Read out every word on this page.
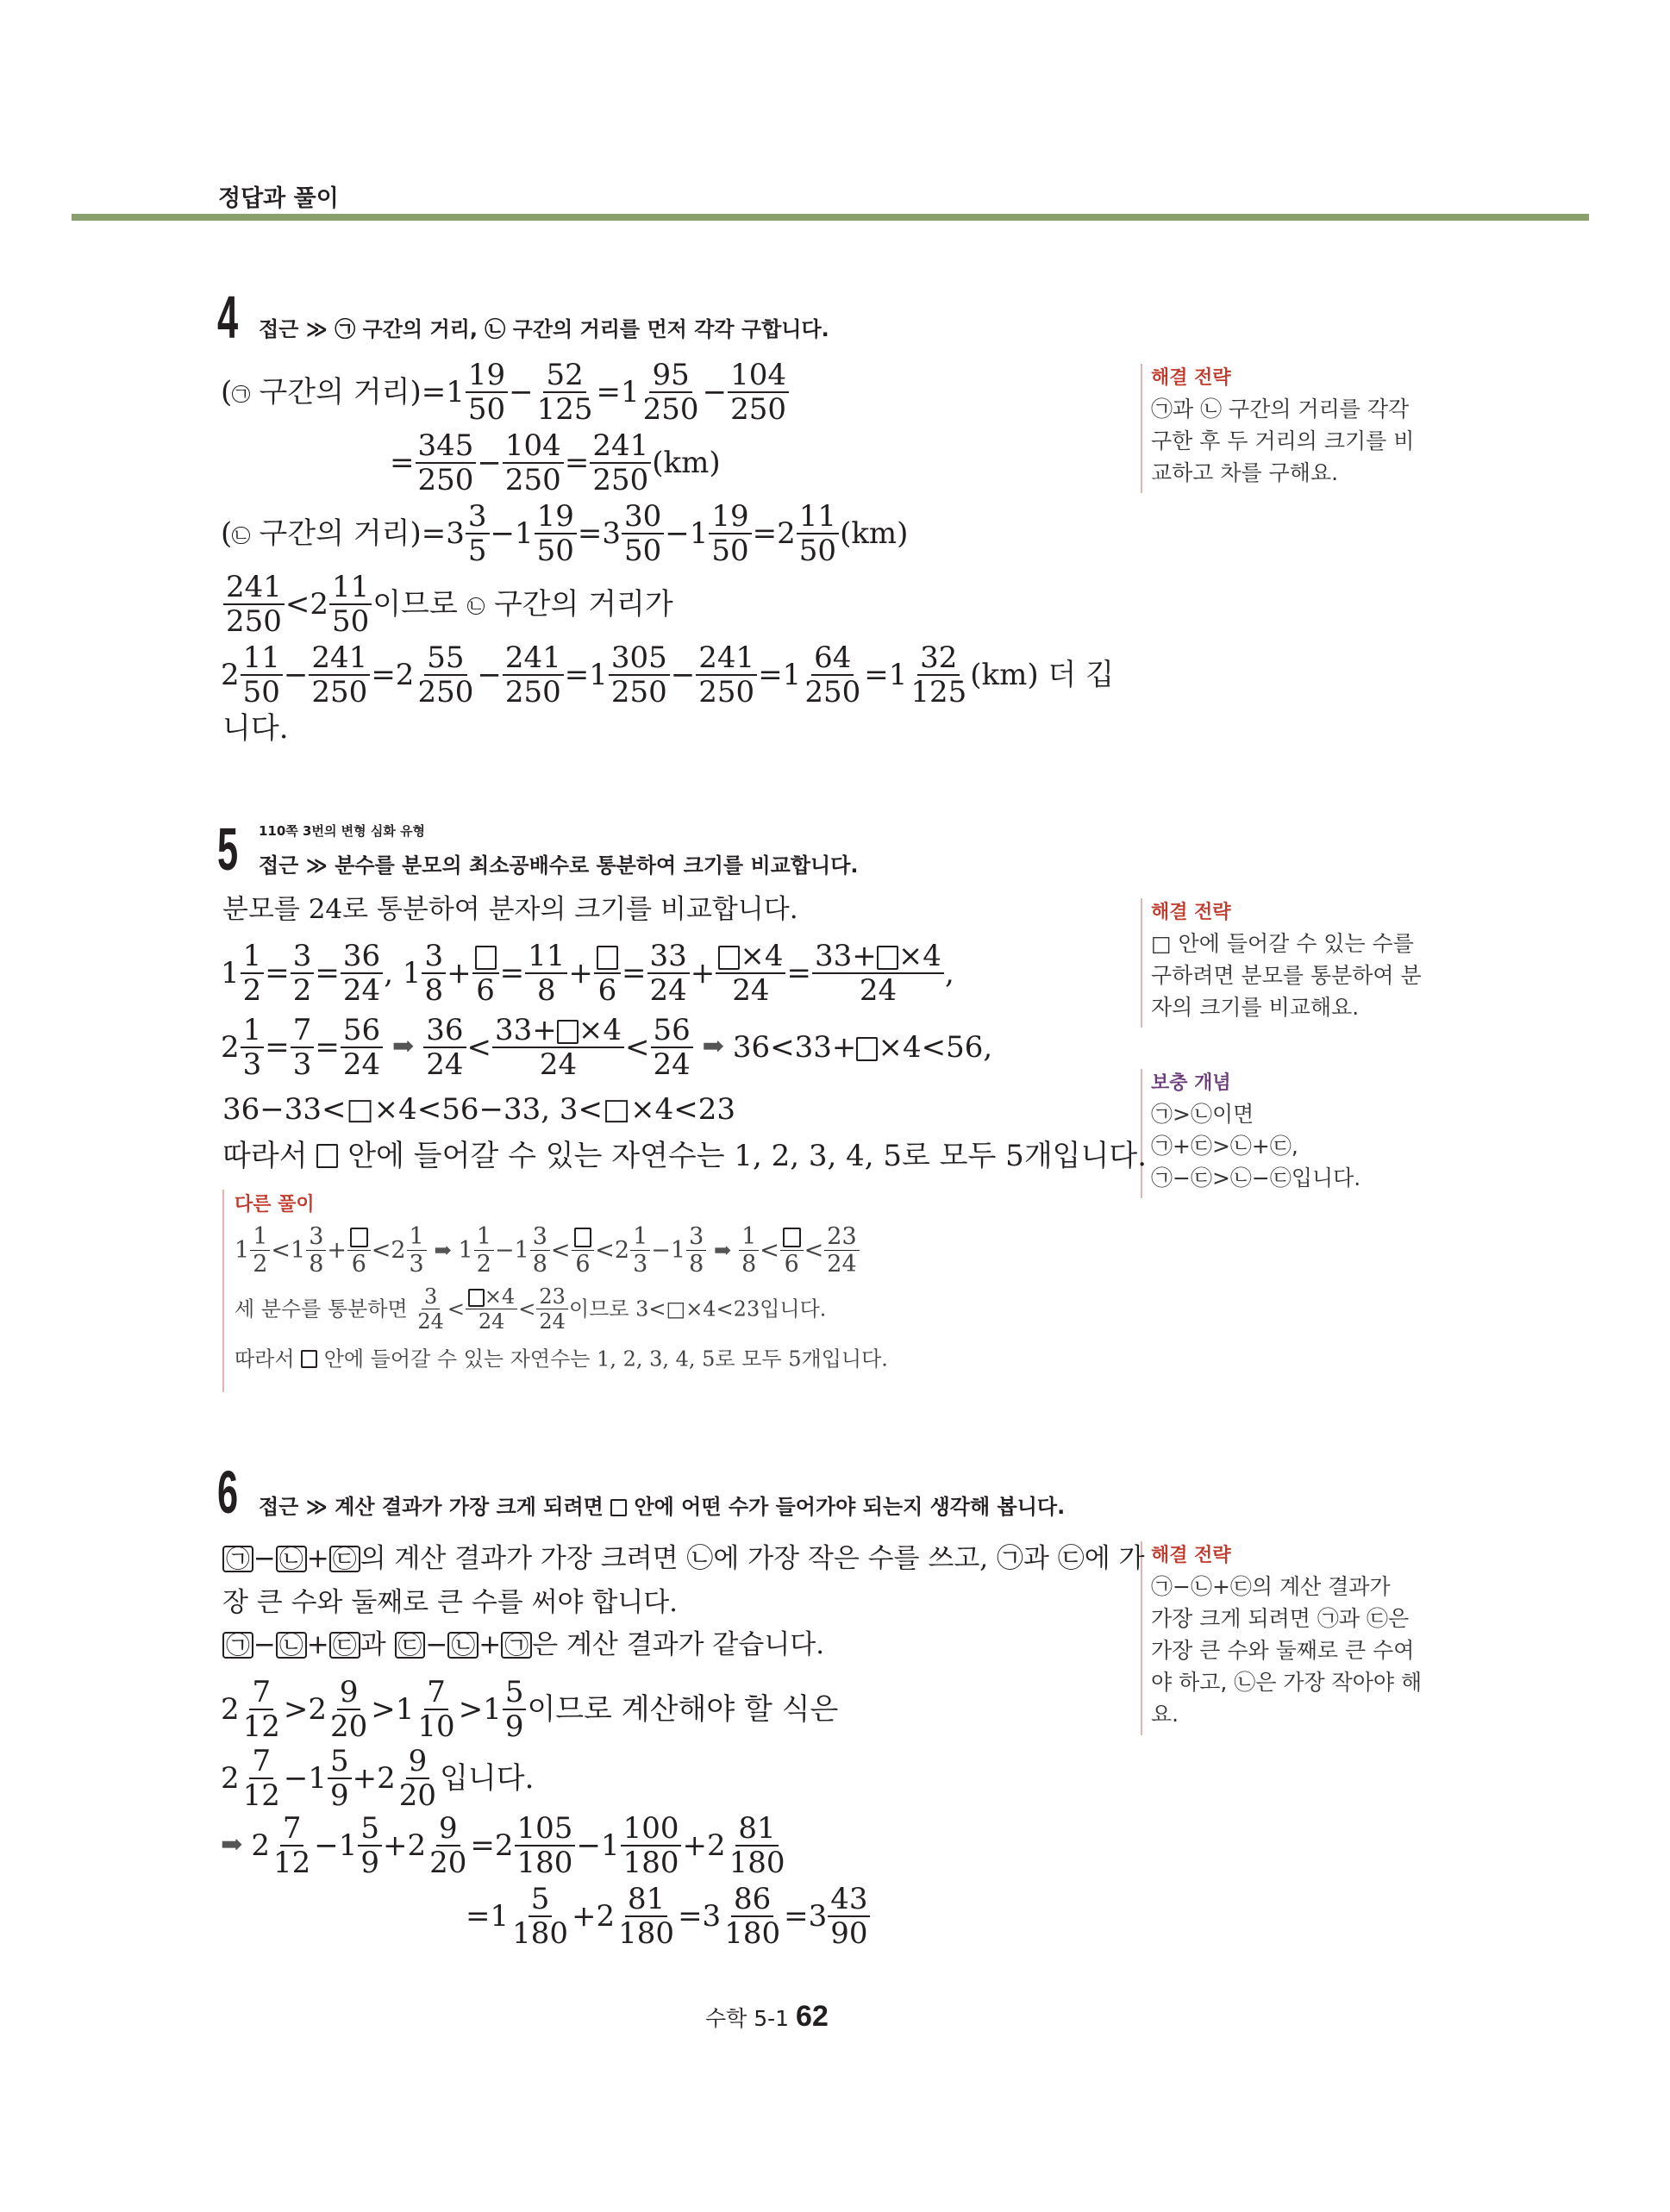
정답과 풀이
4 접근 ≫ ㉠ 구간의 거리, ㉡ 구간의 거리를 먼저 각각 구합니다.
해결 전략
㉠과 ㉡ 구간의 거리를 각각
구한 후 두 거리의 크기를 비
교하고 차를 구해요.
(ㄱ 구간의 거리)$=1 \frac{19}{50} - \frac{52}{125} =1 \frac{95}{250} - \frac{104}{250}$
= $\frac{345}{250} - \frac{104}{250} = \frac{241}{250} (km)$
(ㄴ 구간의 거리)$=3 \frac{3}{5} -1 \frac{19}{50} =3 \frac{30}{50} -1 \frac{19}{50} =2 \frac{11}{50} (km)$
$\frac{241}{250} <2 \frac{11}{50}$ 이므로 ㄴ 구간의 거리가
$2 \frac{11}{50} - \frac{241}{250} =2 \frac{55}{250} - \frac{241}{250} =1 \frac{305}{250} - \frac{241}{250} =1 \frac{64}{250} =1 \frac{32}{125} (km)$ 더 깁
니다.
110쪽 3번의 변형 심화 유형
5 접근 ≫ 분수를 분모의 최소공배수로 통분하여 크기를 비교합니다.
해결 전략
□ 안에 들어갈 수 있는 수를
구하려면 분모를 통분하여 분
자의 크기를 비교해요.
보충 개념
㉠>㉡이면
㉠+㉢>㉡+㉢,
㉠−㉢>㉡−㉢입니다.
분모를 24로 통분하여 분자의 크기를 비교합니다.
$1 \frac{1}{2} = \frac{3}{2} = \frac{36}{24}$ , $1 \frac{3}{8} + 6 = \frac{11}{8} + 6 = \frac{33}{24} + \frac{\times 4}{24} = \frac{33+ \times 4}{24}$ ,
$2 \frac{1}{3} = \frac{7}{3} = \frac{56}{24}$ ➡ $\frac{36}{24} < \frac{33+ \times 4}{24} < \frac{56}{24}$ ➡ 36<33+ ×4<56,
36−33<□×4<56−33, 3<□×4<23
따라서 안에 들어갈 수 있는 자연수는 1, 2, 3, 4, 5로 모두 5개입니다.
다른 풀이
$1 \frac{1}{2} <1 \frac{3}{8}$ +
6
$<2 \frac{1}{3}$ ➡ $1 \frac{1}{2} -1 \frac{3}{8}$ <
6
$<2 \frac{1}{3} -1 \frac{3}{8}$ ➡ $\frac{1}{8}$ <
6
< $\frac{23}{24}$
세 분수를 통분하면 $\frac{3}{24} < \frac{\times 4}{24} < \frac{23}{24}$ 이므로 3<□×4<23입니다.
따라서 안에 들어갈 수 있는 자연수는 1, 2, 3, 4, 5로 모두 5개입니다.
6 접근 ≫ 계산 결과가 가장 크게 되려면 안에 어떤 수가 들어가야 되는지 생각해 봅니다.
해결 전략
㉠−㉡+㉢의 계산 결과가
가장 크게 되려면 ㉠과 ㉢은
가장 큰 수와 둘째로 큰 수여
야 하고, ㉡은 가장 작아야 해
요.
㉠ − ㉡ + ㉢ 의 계산 결과가 가장 크려면 ㉡에 가장 작은 수를 쓰고, ㉠과 ㉢에 가
장 큰 수와 둘째로 큰 수를 써야 합니다.
㉠ − ㉡ + ㉢ 과 ㉢ − ㉡ + ㉠ 은 계산 결과가 같습니다.
$2 \frac{7}{12} >2 \frac{9}{20} >1 \frac{7}{10} >1 \frac{5}{9}$ 이므로 계산해야 할 식은
$2 \frac{7}{12} -1 \frac{5}{9} +2 \frac{9}{20}$ 입니다.
➡ $2 \frac{7}{12} -1 \frac{5}{9} +2 \frac{9}{20} =2 \frac{105}{180} -1 \frac{100}{180} +2 \frac{81}{180}$
$=1 \frac{5}{180} +2 \frac{81}{180} =3 \frac{86}{180} =3 \frac{43}{90}$
수학 5-1 62
